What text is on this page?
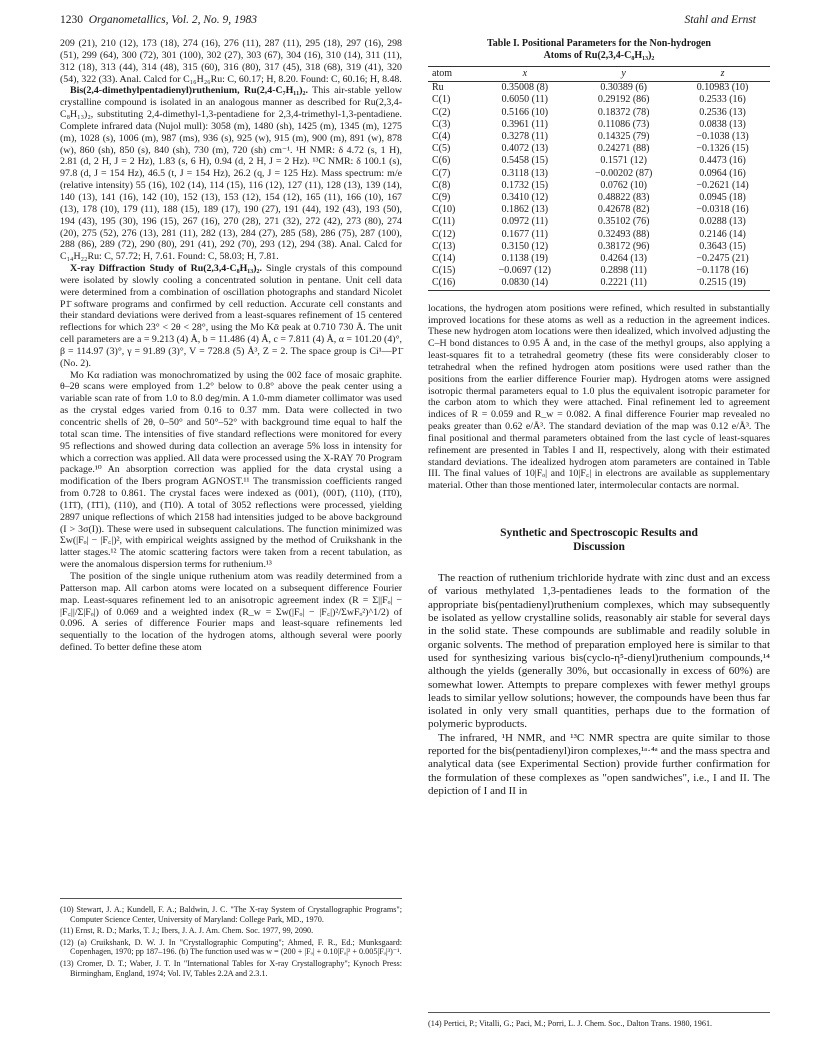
1230 Organometallics, Vol. 2, No. 9, 1983	Stahl and Ernst

209 (21), 210 (12), 173 (18), 274 (16), 276 (11), 287 (11), 295 (18), 297 (16), 298 (51), 299 (64), 300 (72), 301 (100), 302 (27), 303 (67), 304 (16), 310 (14), 311 (11), 312 (18), 313 (44), 314 (48), 315 (60), 316 (80), 317 (45), 318 (68), 319 (41), 320 (54), 322 (33). Anal. Calcd for C₁₆H₂₆Ru: C, 60.17; H, 8.20. Found: C, 60.16; H, 8.48.

Bis(2,4-dimethylpentadienyl)ruthenium, Ru(2,4-C₇H₁₁)₂. This air-stable yellow crystalline compound is isolated in an analogous manner as described for Ru(2,3,4-C₈H₁₃)₂, substituting 2,4-dimethyl-1,3-pentadiene for 2,3,4-trimethyl-1,3-pentadiene. Complete infrared data (Nujol mull): 3058 (m), 1480 (sh), 1425 (m), 1345 (m), 1275 (m), 1028 (s), 1006 (m), 987 (ms), 936 (s), 925 (w), 915 (m), 900 (m), 891 (w), 878 (w), 860 (sh), 850 (s), 840 (sh), 730 (m), 720 (sh) cm⁻¹. ¹H NMR: δ 4.72 (s, 1 H), 2.81 (d, 2 H, J = 2 Hz), 1.83 (s, 6 H), 0.94 (d, 2 H, J = 2 Hz). ¹³C NMR: δ 100.1 (s), 97.8 (d, J = 154 Hz), 46.5 (t, J = 154 Hz), 26.2 (q, J = 125 Hz). Mass spectrum: m/e (relative intensity) 55 (16), 102 (14), 114 (15), 116 (12), 127 (11), 128 (13), 139 (14), 140 (13), 141 (16), 142 (10), 152 (13), 153 (12), 154 (12), 165 (11), 166 (10), 167 (13), 178 (10), 179 (11), 188 (15), 189 (17), 190 (27), 191 (44), 192 (43), 193 (50), 194 (43), 195 (30), 196 (15), 267 (16), 270 (28), 271 (32), 272 (42), 273 (80), 274 (20), 275 (52), 276 (13), 281 (11), 282 (13), 284 (27), 285 (58), 286 (75), 287 (100), 288 (86), 289 (72), 290 (80), 291 (41), 292 (70), 293 (12), 294 (38). Anal. Calcd for C₁₄H₂₂Ru: C, 57.72; H, 7.61. Found: C, 58.03; H, 7.81.

X-ray Diffraction Study of Ru(2,3,4-C₈H₁₃)₂. Single crystals of this compound were isolated by slowly cooling a concentrated solution in pentane. Unit cell data were determined from a combination of oscillation photographs and standard Nicolet P1̄ software programs and confirmed by cell reduction. Accurate cell constants and their standard deviations were derived from a least-squares refinement of 15 centered reflections for which 23° < 2θ < 28°, using the Mo Kᾱ peak at 0.710 730 Å. The unit cell parameters are a = 9.213 (4) Å, b = 11.486 (4) Å, c = 7.811 (4) Å, α = 101.20 (4)°, β = 114.97 (3)°, γ = 91.89 (3)°, V = 728.8 (5) Å³, Z = 2. The space group is Ci¹—P1̄ (No. 2).

Mo Kα radiation was monochromatized by using the 002 face of mosaic graphite. θ–2θ scans were employed from 1.2° below to 0.8° above the peak center using a variable scan rate of from 1.0 to 8.0 deg/min. A 1.0-mm diameter collimator was used as the crystal edges varied from 0.16 to 0.37 mm. Data were collected in two concentric shells of 2θ, 0–50° and 50°–52° with background time equal to half the total scan time. The intensities of five standard reflections were monitored for every 95 reflections and showed during data collection an average 5% loss in intensity for which a correction was applied. All data were processed using the X-RAY 70 Program package.¹⁰ An absorption correction was applied for the data crystal using a modification of the Ibers program AGNOST.¹¹ The transmission coefficients ranged from 0.728 to 0.861. The crystal faces were indexed as (001), (001̄), (110), (1̄1̄0), (11̄1̄), (1̄1̄1), (110), and (1̄10). A total of 3052 reflections were processed, yielding 2897 unique reflections of which 2158 had intensities judged to be above background (I > 3σ(I)). These were used in subsequent calculations. The function minimized was Σw(|Fₒ| − |F꜀|)², with empirical weights assigned by the method of Cruikshank in the latter stages.¹² The atomic scattering factors were taken from a recent tabulation, as were the anomalous dispersion terms for ruthenium.¹³

The position of the single unique ruthenium atom was readily determined from a Patterson map. All carbon atoms were located on a subsequent difference Fourier map. Least-squares refinement led to an anisotropic agreement index (R = Σ||Fₒ| − |F꜀||/Σ|Fₒ|) of 0.069 and a weighted index (R_w = Σw(|Fₒ| − |F꜀|)²/ΣwFₒ²)^1/2) of 0.096. A series of difference Fourier maps and least-square refinements led sequentially to the location of the hydrogen atoms, although several were poorly defined. To better define these atom

(10) Stewart, J. A.; Kundell, F. A.; Baldwin, J. C. "The X-ray System of Crystallographic Programs"; Computer Science Center, University of Maryland: College Park, MD., 1970.

(11) Ernst, R. D.; Marks, T. J.; Ibers, J. A. J. Am. Chem. Soc. 1977, 99, 2090.

(12) (a) Cruikshank, D. W. J. In "Crystallographic Computing"; Ahmed, F. R., Ed.; Munksgaard: Copenhagen, 1970; pp 187–196. (b) The function used was w = (200 + |Fₒ| + 0.10|Fₒ|² + 0.005|Fₒ|³)⁻¹.

(13) Cromer, D. T.; Waber, J. T. In "International Tables for X-ray Crystallography"; Kynoch Press: Birmingham, England, 1974; Vol. IV, Tables 2.2A and 2.3.1.

Table I. Positional Parameters for the Non-hydrogen
Atoms of Ru(2,3,4-C₈H₁₃)₂

atom	x	y	z
Ru	0.35008 (8)	0.30389 (6)	0.10983 (10)
C(1)	0.6050 (11)	0.29192 (86)	0.2533 (16)
C(2)	0.5166 (10)	0.18372 (78)	0.2536 (13)
C(3)	0.3961 (11)	0.11086 (73)	0.0838 (13)
C(4)	0.3278 (11)	0.14325 (79)	−0.1038 (13)
C(5)	0.4072 (13)	0.24271 (88)	−0.1326 (15)
C(6)	0.5458 (15)	0.1571 (12)	0.4473 (16)
C(7)	0.3118 (13)	−0.00202 (87)	0.0964 (16)
C(8)	0.1732 (15)	0.0762 (10)	−0.2621 (14)
C(9)	0.3410 (12)	0.48822 (83)	0.0945 (18)
C(10)	0.1862 (13)	0.42678 (82)	−0.0318 (16)
C(11)	0.0972 (11)	0.35102 (76)	0.0288 (13)
C(12)	0.1677 (11)	0.32493 (88)	0.2146 (14)
C(13)	0.3150 (12)	0.38172 (96)	0.3643 (15)
C(14)	0.1138 (19)	0.4264 (13)	−0.2475 (21)
C(15)	−0.0697 (12)	0.2898 (11)	−0.1178 (16)
C(16)	0.0830 (14)	0.2221 (11)	0.2515 (19)

locations, the hydrogen atom positions were refined, which resulted in substantially improved locations for these atoms as well as a reduction in the agreement indices. These new hydrogen atom locations were then idealized, which involved adjusting the C–H bond distances to 0.95 Å and, in the case of the methyl groups, also applying a least-squares fit to a tetrahedral geometry (these fits were considerably closer to tetrahedral when the refined hydrogen atom positions were used rather than the positions from the earlier difference Fourier map). Hydrogen atoms were assigned isotropic thermal parameters equal to 1.0 plus the equivalent isotropic parameter for the carbon atom to which they were attached. Final refinement led to agreement indices of R = 0.059 and R_w = 0.082. A final difference Fourier map revealed no peaks greater than 0.62 e/Å³. The standard deviation of the map was 0.12 e/Å³. The final positional and thermal parameters obtained from the last cycle of least-squares refinement are presented in Tables I and II, respectively, along with their estimated standard deviations. The idealized hydrogen atom parameters are contained in Table III. The final values of 10|Fₒ| and 10|F꜀| in electrons are available as supplementary material. Other than those mentioned later, intermolecular contacts are normal.

Synthetic and Spectroscopic Results and
Discussion

The reaction of ruthenium trichloride hydrate with zinc dust and an excess of various methylated 1,3-pentadienes leads to the formation of the appropriate bis(pentadienyl)ruthenium complexes, which may subsequently be isolated as yellow crystalline solids, reasonably air stable for several days in the solid state. These compounds are sublimable and readily soluble in organic solvents. The method of preparation employed here is similar to that used for synthesizing various bis(cyclo-η⁵-dienyl)ruthenium compounds,¹⁴ although the yields (generally 30%, but occasionally in excess of 60%) are somewhat lower. Attempts to prepare complexes with fewer methyl groups leads to similar yellow solutions; however, the compounds have been thus far isolated in only very small quantities, perhaps due to the formation of polymeric byproducts.

The infrared, ¹H NMR, and ¹³C NMR spectra are quite similar to those reported for the bis(pentadienyl)iron complexes,¹ᵃ·⁴ᵃ and the mass spectra and analytical data (see Experimental Section) provide further confirmation for the formulation of these complexes as "open sandwiches", i.e., I and II. The depiction of I and II in

(14) Pertici, P.; Vitalli, G.; Paci, M.; Porri, L. J. Chem. Soc., Dalton Trans. 1980, 1961.
